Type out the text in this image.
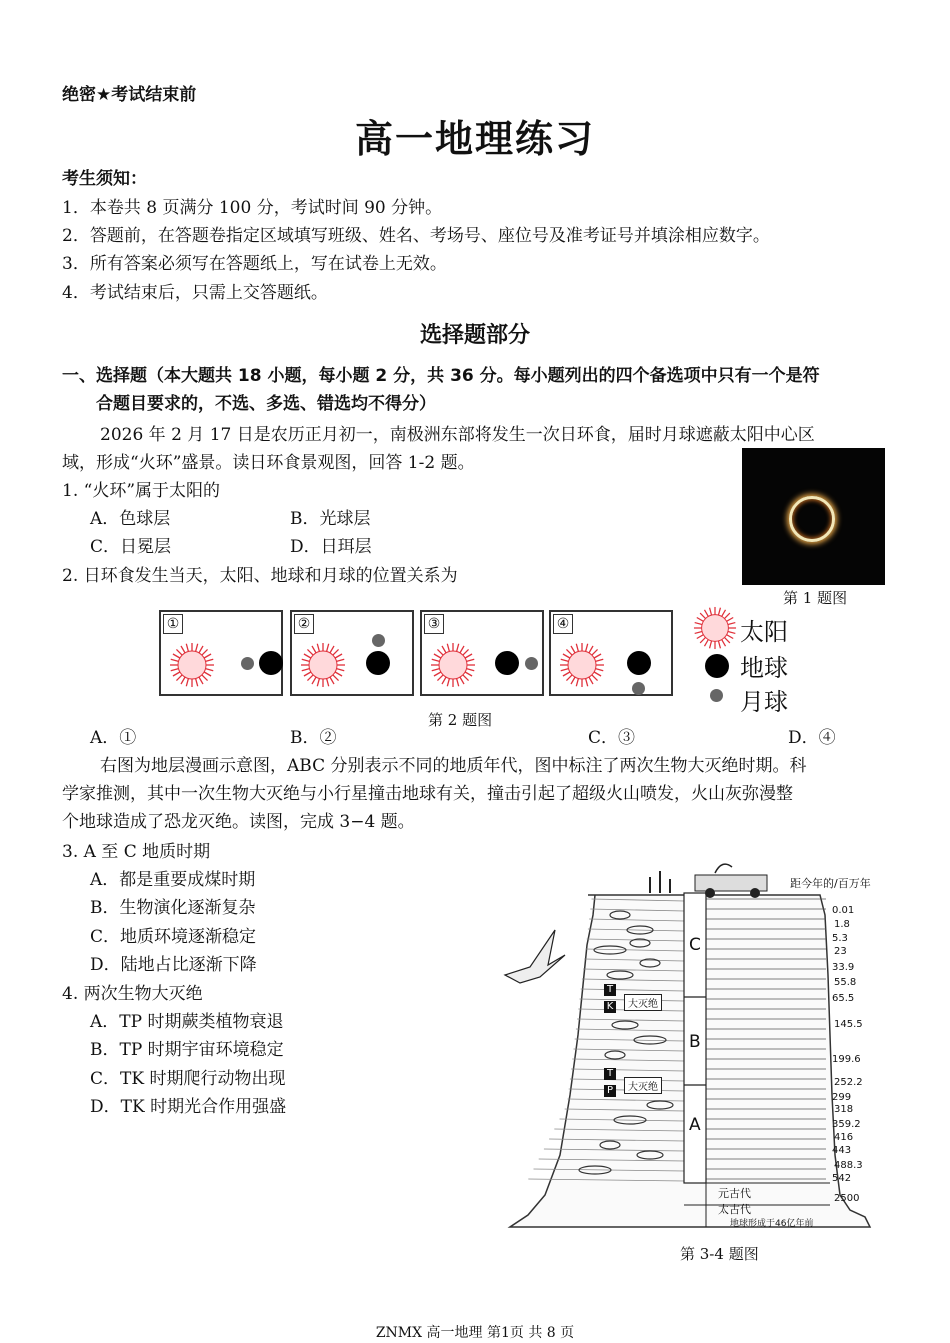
绝密★考试结束前
高一地理练习
考生须知：
1．本卷共 8 页满分 100 分，考试时间 90 分钟。
2．答题前，在答题卷指定区域填写班级、姓名、考场号、座位号及准考证号并填涂相应数字。
3．所有答案必须写在答题纸上，写在试卷上无效。
4．考试结束后，只需上交答题纸。
选择题部分
一、选择题（本大题共 18 小题，每小题 2 分，共 36 分。每小题列出的四个备选项中只有一个是符
合题目要求的，不选、多选、错选均不得分）
2026 年 2 月 17 日是农历正月初一，南极洲东部将发生一次日环食，届时月球遮蔽太阳中心区
域，形成“火环”盛景。读日环食景观图，回答 1-2 题。
1. “火环”属于太阳的
A．色球层	B．光球层
C．日冕层	D．日珥层
第 1 题图
2. 日环食发生当天，太阳、地球和月球的位置关系为
①	②	③	④	太阳
地球
月球
第 2 题图
A．①	B．②	C．③	D．④
右图为地层漫画示意图，ABC 分别表示不同的地质年代，图中标注了两次生物大灭绝时期。科
学家推测，其中一次生物大灭绝与小行星撞击地球有关，撞击引起了超级火山喷发，火山灰弥漫整
个地球造成了恐龙灭绝。读图，完成 3−4 题。
3. A 至 C 地质时期
A．都是重要成煤时期
B．生物演化逐渐复杂
C．地质环境逐渐稳定
D．陆地占比逐渐下降
4. 两次生物大灭绝
A．TP 时期蕨类植物衰退
B．TP 时期宇宙环境稳定
C．TK 时期爬行动物出现
D．TK 时期光合作用强盛
距今年的/百万年
C
B
A
T
K	大灭绝
T
P	大灭绝
元古代
太古代
地球形成于46亿年前
0.01
1.8
5.3
23
33.9
55.8
65.5
145.5
199.6
252.2
299
318
359.2
416
443
488.3
542
2500
第 3-4 题图
ZNMX 高一地理 第1页 共 8 页
